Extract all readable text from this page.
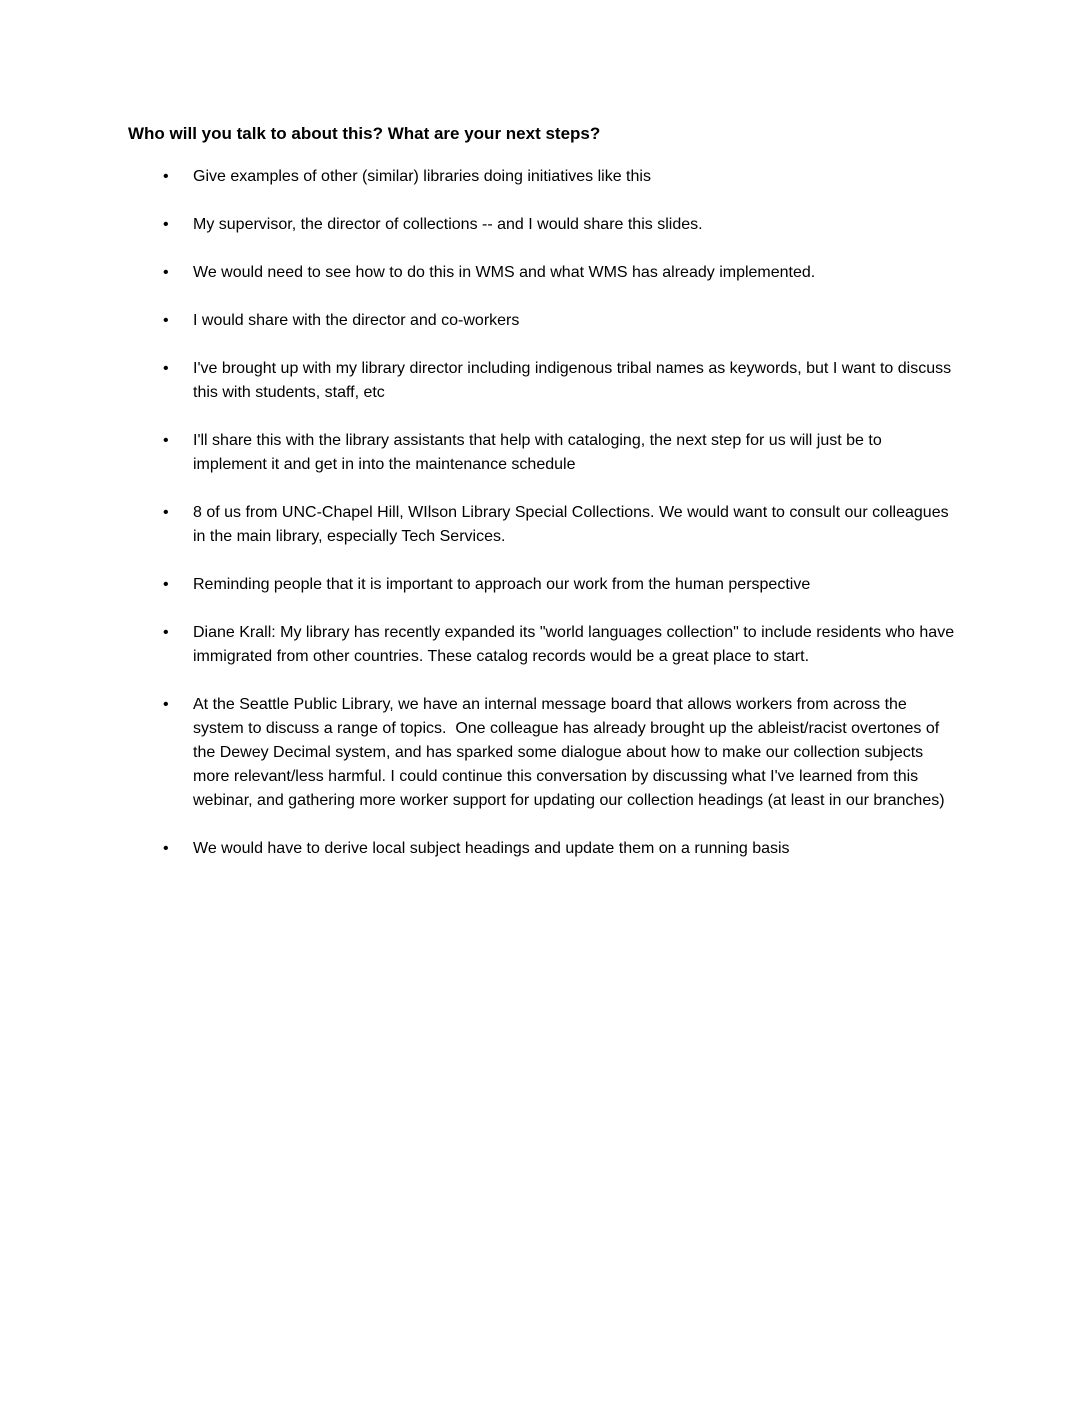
Who will you talk to about this? What are your next steps?
• Give examples of other (similar) libraries doing initiatives like this
• My supervisor, the director of collections -- and I would share this slides.
• We would need to see how to do this in WMS and what WMS has already implemented.
• I would share with the director and co-workers
• I've brought up with my library director including indigenous tribal names as keywords, but I want to discuss this with students, staff, etc
• I'll share this with the library assistants that help with cataloging, the next step for us will just be to implement it and get in into the maintenance schedule
• 8 of us from UNC-Chapel Hill, WIlson Library Special Collections. We would want to consult our colleagues in the main library, especially Tech Services.
• Reminding people that it is important to approach our work from the human perspective
• Diane Krall: My library has recently expanded its "world languages collection" to include residents who have immigrated from other countries. These catalog records would be a great place to start.
• At the Seattle Public Library, we have an internal message board that allows workers from across the system to discuss a range of topics.  One colleague has already brought up the ableist/racist overtones of the Dewey Decimal system, and has sparked some dialogue about how to make our collection subjects more relevant/less harmful. I could continue this conversation by discussing what I've learned from this webinar, and gathering more worker support for updating our collection headings (at least in our branches)
• We would have to derive local subject headings and update them on a running basis
